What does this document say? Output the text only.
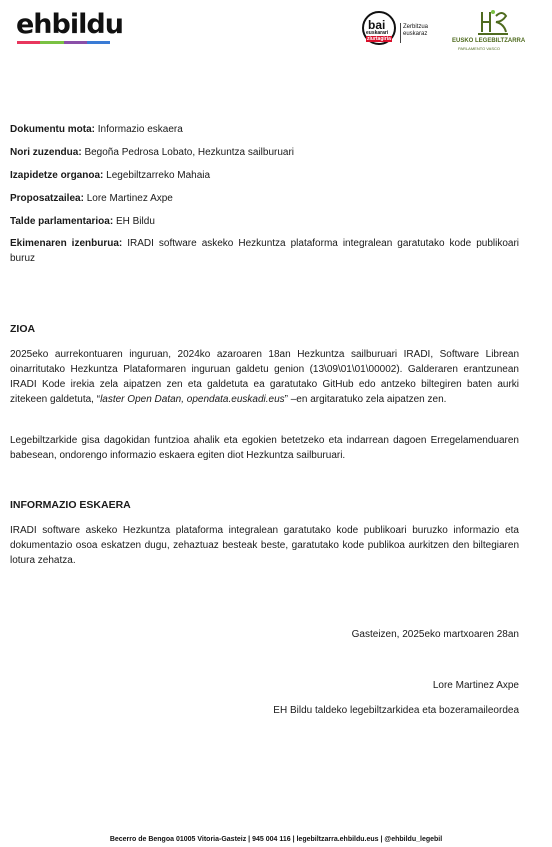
ehbildu	bai
euskarari
ziurtagiria
Zerbitzua
euskaraz
EUSKO LEGEBILTZARRA
PARLAMENTO VASCO

Dokumentu mota: Informazio eskaera

Nori zuzendua: Begoña Pedrosa Lobato, Hezkuntza sailburuari

Izapidetze organoa: Legebiltzarreko Mahaia

Proposatzailea: Lore Martinez Axpe

Talde parlamentarioa: EH Bildu

Ekimenaren izenburua: IRADI software askeko Hezkuntza plataforma integralean garatutako kode publikoari buruz

ZIOA

2025eko aurrekontuaren inguruan, 2024ko azaroaren 18an Hezkuntza sailburuari IRADI, Software Librean oinarritutako Hezkuntza Plataformaren inguruan galdetu genion (13\09\01\01\00002). Galderaren erantzunean IRADI Kode irekia zela aipatzen zen eta galdetuta ea garatutako GitHub edo antzeko biltegiren baten aurki zitekeen galdetuta, “laster Open Datan, opendata.euskadi.eus” –en argitaratuko zela aipatzen zen.

Legebiltzarkide gisa dagokidan funtzioa ahalik eta egokien betetzeko eta indarrean dagoen Erregelamenduaren babesean, ondorengo informazio eskaera egiten diot Hezkuntza sailburuari.

INFORMAZIO ESKAERA

IRADI software askeko Hezkuntza plataforma integralean garatutako kode publikoari buruzko informazio eta dokumentazio osoa eskatzen dugu, zehaztuaz besteak beste, garatutako kode publikoa aurkitzen den biltegiaren lotura zehatza.

Gasteizen, 2025eko martxoaren 28an

Lore Martinez Axpe

EH Bildu taldeko legebiltzarkidea eta bozeramaileordea

Becerro de Bengoa 01005 Vitoria-Gasteiz | 945 004 116 | legebiltzarra.ehbildu.eus | @ehbildu_legebil
